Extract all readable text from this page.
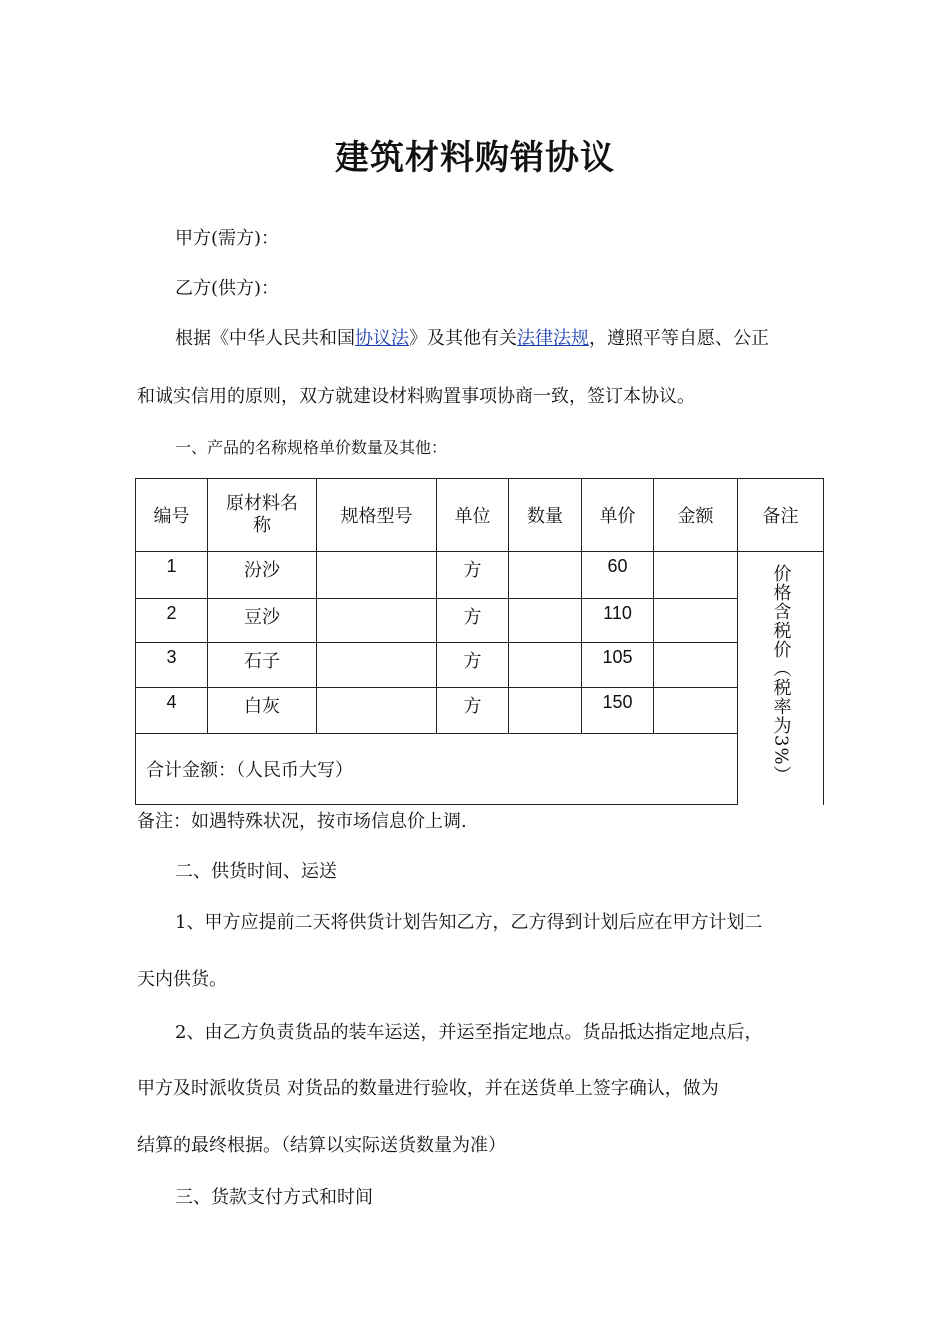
建筑材料购销协议
甲方(需方)：
乙方(供方)：
根据《中华人民共和国协议法》及其他有关法律法规，遵照平等自愿、公正
和诚实信用的原则，双方就建设材料购置事项协商一致，签订本协议。
一、产品的名称规格单价数量及其他：
编号	原材料名称	规格型号	单位	数量	单价	金额	备注
1	汾沙		方		60		价格含税价（税率为3%）

2	豆沙		方		110		
3	石子		方		105		
4	白灰		方		150		
合计金额：（人民币大写）							
备注：如遇特殊状况，按市场信息价上调.
二、供货时间、运送
1、甲方应提前二天将供货计划告知乙方，乙方得到计划后应在甲方计划二
天内供货。
2、由乙方负责货品的装车运送，并运至指定地点。货品抵达指定地点后，
甲方及时派收货员 对货品的数量进行验收，并在送货单上签字确认，做为
结算的最终根据。（结算以实际送货数量为准）
三、货款支付方式和时间
